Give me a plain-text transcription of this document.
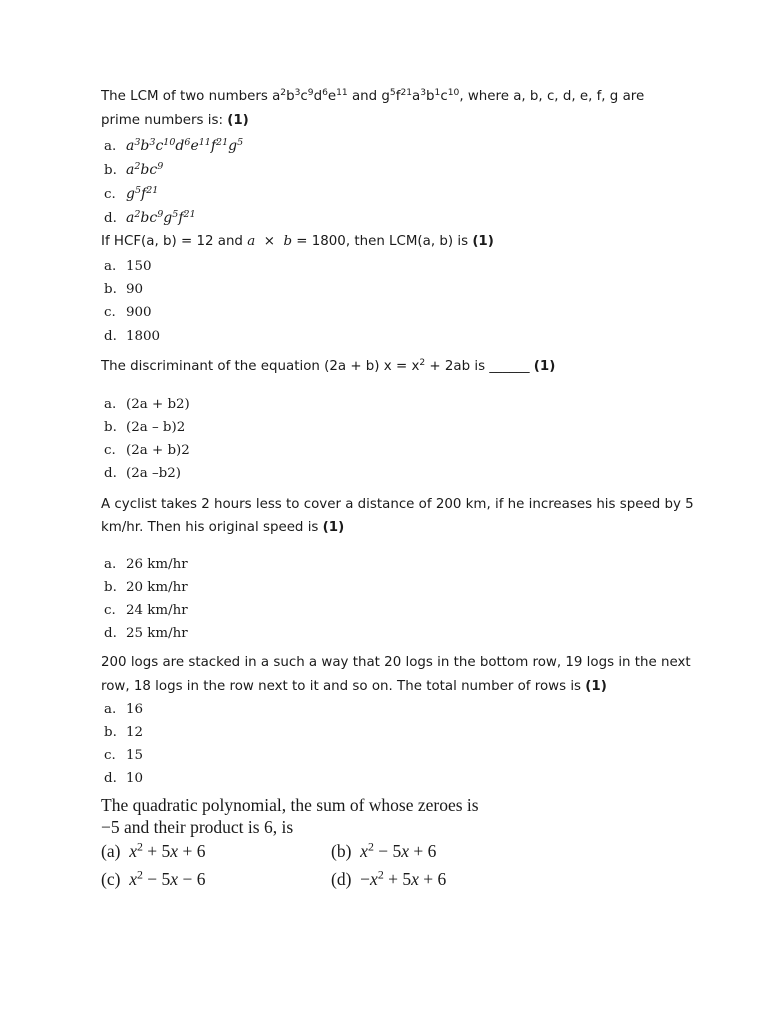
The LCM of two numbers $a^2b^3c^9d^6e^{11}$ and $g^5f^{21}a^3b^1c^{10}$, where a, b, c, d, e, f, g are
prime numbers is: (1)
a. $a^3b^3c^{10}d^6e^{11}f^{21}g^5$
b. $a^2bc^9$
c. $g^5f^{21}$
d. $a^2bc^9g^5f^{21}$
If HCF(a, b) = 12 and a × b = 1800, then LCM(a, b) is (1)
a. 150
b. 90
c. 900
d. 1800
The discriminant of the equation (2a + b) $x = x^2 + 2ab$ is ______ (1)
a. (2a + b2)
b. (2a – b)2
c. (2a + b)2
d. (2a –b2)
A cyclist takes 2 hours less to cover a distance of 200 km, if he increases his speed by 5
km/hr. Then his original speed is (1)
a. 26 km/hr
b. 20 km/hr
c. 24 km/hr
d. 25 km/hr
200 logs are stacked in a such a way that 20 logs in the bottom row, 19 logs in the next
row, 18 logs in the row next to it and so on. The total number of rows is (1)
a. 16
b. 12
c. 15
d. 10
The quadratic polynomial, the sum of whose zeroes is
−5 and their product is 6, is
(a) $x^2 + 5x + 6$	(b) $x^2 - 5x + 6$
(c) $x^2 - 5x - 6$	$(d) -x^2 + 5x + 6$
